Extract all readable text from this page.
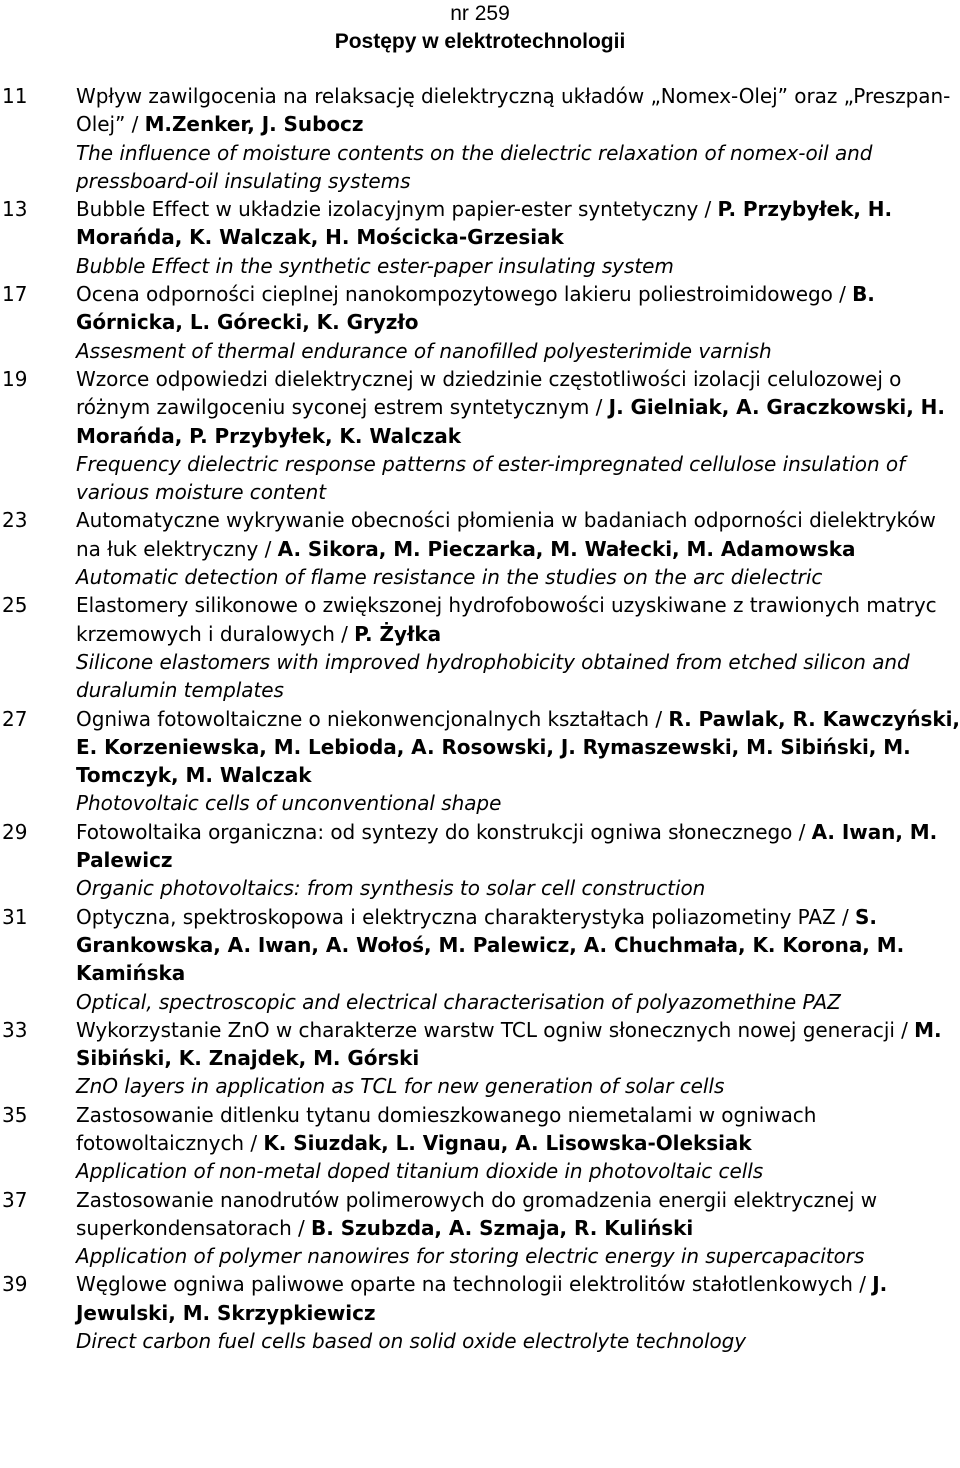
nr 259
Postępy w elektrotechnologii
11	Wpływ zawilgocenia na relaksację dielektryczną układów „Nomex-Olej” oraz „Preszpan-Olej” / M.Zenker, J. Subocz
The influence of moisture contents on the dielectric relaxation of nomex-oil and pressboard-oil insulating systems
13	Bubble Effect w układzie izolacyjnym papier-ester syntetyczny / P. Przybyłek, H. Morańda, K. Walczak, H. Mościcka-Grzesiak
Bubble Effect in the synthetic ester-paper insulating system
17	Ocena odporności cieplnej nanokompozytowego lakieru poliestroimidowego / B. Górnicka, L. Górecki, K. Gryzło
Assesment of thermal endurance of nanofilled polyesterimide varnish
19	Wzorce odpowiedzi dielektrycznej w dziedzinie częstotliwości izolacji celulozowej o różnym zawilgoceniu syconej estrem syntetycznym / J. Gielniak, A. Graczkowski, H. Morańda, P. Przybyłek, K. Walczak
Frequency dielectric response patterns of ester-impregnated cellulose insulation of various moisture content
23	Automatyczne wykrywanie obecności płomienia w badaniach odporności dielektryków na łuk elektryczny / A. Sikora, M. Pieczarka, M. Wałecki, M. Adamowska
Automatic detection of flame resistance in the studies on the arc dielectric
25	Elastomery silikonowe o zwiększonej hydrofobowości uzyskiwane z trawionych matryc krzemowych i duralowych / P. Żyłka
Silicone elastomers with improved hydrophobicity obtained from etched silicon and duralumin templates
27	Ogniwa fotowoltaiczne o niekonwencjonalnych kształtach / R. Pawlak, R. Kawczyński, E. Korzeniewska, M. Lebioda, A. Rosowski, J. Rymaszewski, M. Sibiński, M. Tomczyk, M. Walczak
Photovoltaic cells of unconventional shape
29	Fotowoltaika organiczna: od syntezy do konstrukcji ogniwa słonecznego / A. Iwan, M. Palewicz
Organic photovoltaics: from synthesis to solar cell construction
31	Optyczna, spektroskopowa i elektryczna charakterystyka poliazometiny PAZ / S. Grankowska, A. Iwan, A. Wołoś, M. Palewicz, A. Chuchmała, K. Korona, M. Kamińska
Optical, spectroscopic and electrical characterisation of polyazomethine PAZ
33	Wykorzystanie ZnO w charakterze warstw TCL ogniw słonecznych nowej generacji / M. Sibiński, K. Znajdek, M. Górski
ZnO layers in application as TCL for new generation of solar cells
35	Zastosowanie ditlenku tytanu domieszkowanego niemetalami w ogniwach fotowoltaicznych / K. Siuzdak, L. Vignau, A. Lisowska-Oleksiak
Application of non-metal doped titanium dioxide in photovoltaic cells
37	Zastosowanie nanodrutów polimerowych do gromadzenia energii elektrycznej w superkondensatorach / B. Szubzda, A. Szmaja, R. Kuliński
Application of polymer nanowires for storing electric energy in supercapacitors
39	Węglowe ogniwa paliwowe oparte na technologii elektrolitów stałotlenkowych / J. Jewulski, M. Skrzypkiewicz
Direct carbon fuel cells based on solid oxide electrolyte technology
